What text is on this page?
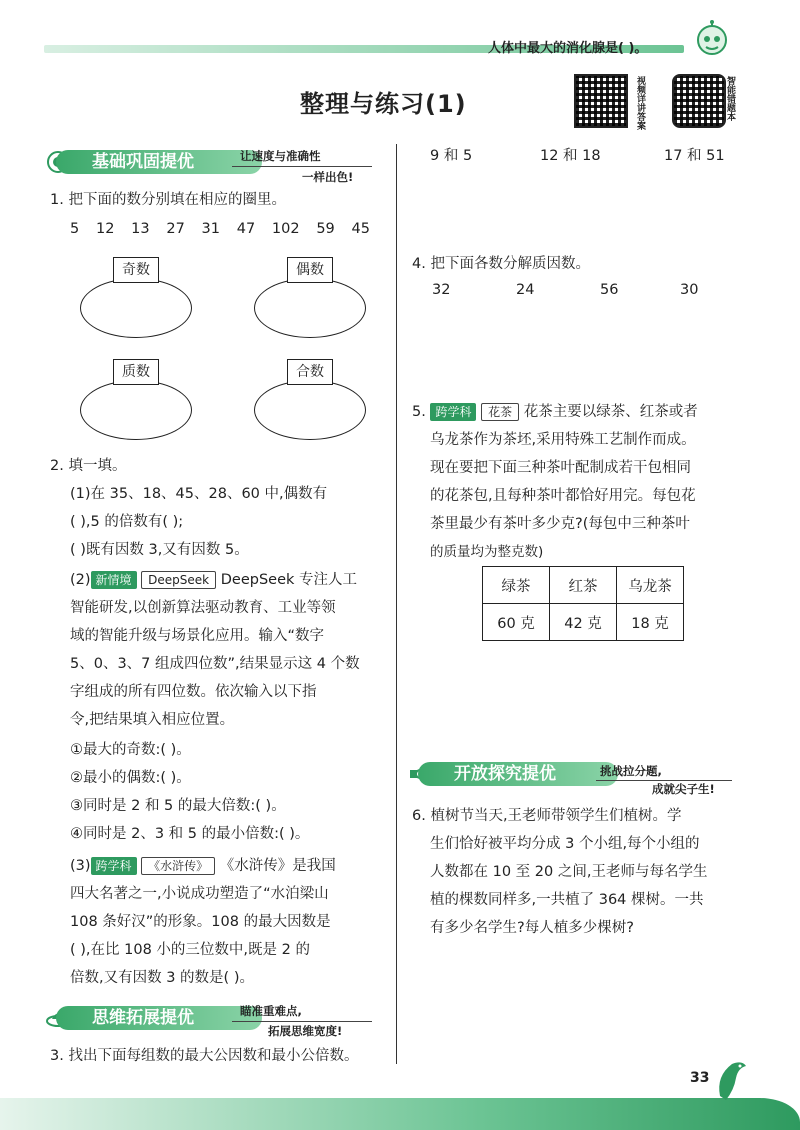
人体中最大的消化腺是( )。
整理与练习(1)	视频详讲答案	智能错题本
基础巩固提优	让速度与准确性
一样出色!
1. 把下面的数分别填在相应的圈里。
5 12 13 27 31 47 102 59 45
奇数	偶数
质数	合数
2. 填一填。
(1)在 35、18、45、28、60 中,偶数有
( ),5 的倍数有( );
( )既有因数 3,又有因数 5。
(2) 新情境 DeepSeek DeepSeek 专注人工
智能研发,以创新算法驱动教育、工业等领
域的智能升级与场景化应用。输入“数字
5、0、3、7 组成四位数”,结果显示这 4 个数
字组成的所有四位数。依次输入以下指
令,把结果填入相应位置。
①最大的奇数:( )。
②最小的偶数:( )。
③同时是 2 和 5 的最大倍数:( )。
④同时是 2、3 和 5 的最小倍数:( )。
(3) 跨学科 《水浒传》 《水浒传》是我国
四大名著之一,小说成功塑造了“水泊梁山
108 条好汉”的形象。108 的最大因数是
( ),在比 108 小的三位数中,既是 2 的
倍数,又有因数 3 的数是( )。
思维拓展提优	瞄准重难点,
拓展思维宽度!
3. 找出下面每组数的最大公因数和最小公倍数。
9 和 5	12 和 18	17 和 51
4. 把下面各数分解质因数。
32	24	56	30
5. 跨学科 花茶 花茶主要以绿茶、红茶或者
乌龙茶作为茶坯,采用特殊工艺制作而成。
现在要把下面三种茶叶配制成若干包相同
的花茶包,且每种茶叶都恰好用完。每包花
茶里最少有茶叶多少克?(每包中三种茶叶
的质量均为整克数)
绿茶	红茶	乌龙茶
60 克	42 克	18 克
开放探究提优	挑战拉分题,
成就尖子生!
6. 植树节当天,王老师带领学生们植树。学
生们恰好被平均分成 3 个小组,每个小组的
人数都在 10 至 20 之间,王老师与每名学生
植的棵数同样多,一共植了 364 棵树。一共
有多少名学生?每人植多少棵树?
33
